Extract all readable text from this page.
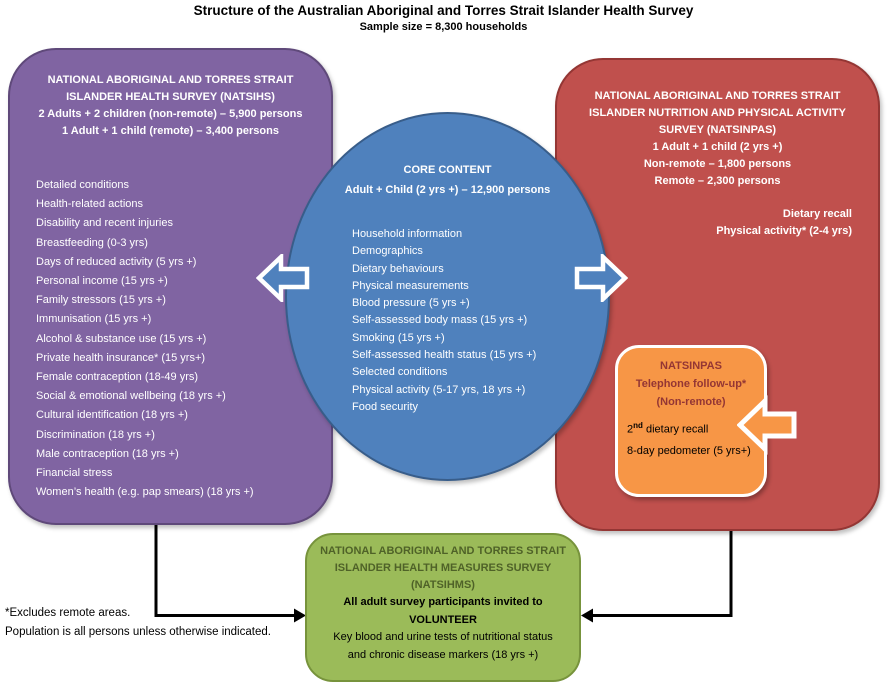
Structure of the Australian Aboriginal and Torres Strait Islander Health Survey
Sample size = 8,300 households
NATIONAL ABORIGINAL AND TORRES STRAIT
ISLANDER HEALTH SURVEY (NATSIHS)
2 Adults + 2 children (non-remote) – 5,900 persons
1 Adult + 1 child (remote) – 3,400 persons
Detailed conditions
Health-related actions
Disability and recent injuries
Breastfeeding (0-3 yrs)
Days of reduced activity (5 yrs +)
Personal income (15 yrs +)
Family stressors (15 yrs +)
Immunisation (15 yrs +)
Alcohol & substance use (15 yrs +)
Private health insurance* (15 yrs+)
Female contraception (18-49 yrs)
Social & emotional wellbeing (18 yrs +)
Cultural identification (18 yrs +)
Discrimination (18 yrs +)
Male contraception (18 yrs +)
Financial stress
Women’s health (e.g. pap smears) (18 yrs +)
NATIONAL ABORIGINAL AND TORRES STRAIT
ISLANDER NUTRITION AND PHYSICAL ACTIVITY
SURVEY (NATSINPAS)
1 Adult + 1 child (2 yrs +)
Non-remote – 1,800 persons
Remote – 2,300 persons
Dietary recall
Physical activity* (2-4 yrs)
NATSINPAS
Telephone follow-up*
(Non-remote)
2nd dietary recall
8-day pedometer (5 yrs+)
CORE CONTENT
Adult + Child (2 yrs +) – 12,900 persons
Household information
Demographics
Dietary behaviours
Physical measurements
Blood pressure (5 yrs +)
Self-assessed body mass (15 yrs +)
Smoking (15 yrs +)
Self-assessed health status (15 yrs +)
Selected conditions
Physical activity (5-17 yrs, 18 yrs +)
Food security
NATIONAL ABORIGINAL AND TORRES STRAIT
ISLANDER HEALTH MEASURES SURVEY
(NATSIHMS)
All adult survey participants invited to
VOLUNTEER
Key blood and urine tests of nutritional status
and chronic disease markers (18 yrs +)
*Excludes remote areas.
Population is all persons unless otherwise indicated.
